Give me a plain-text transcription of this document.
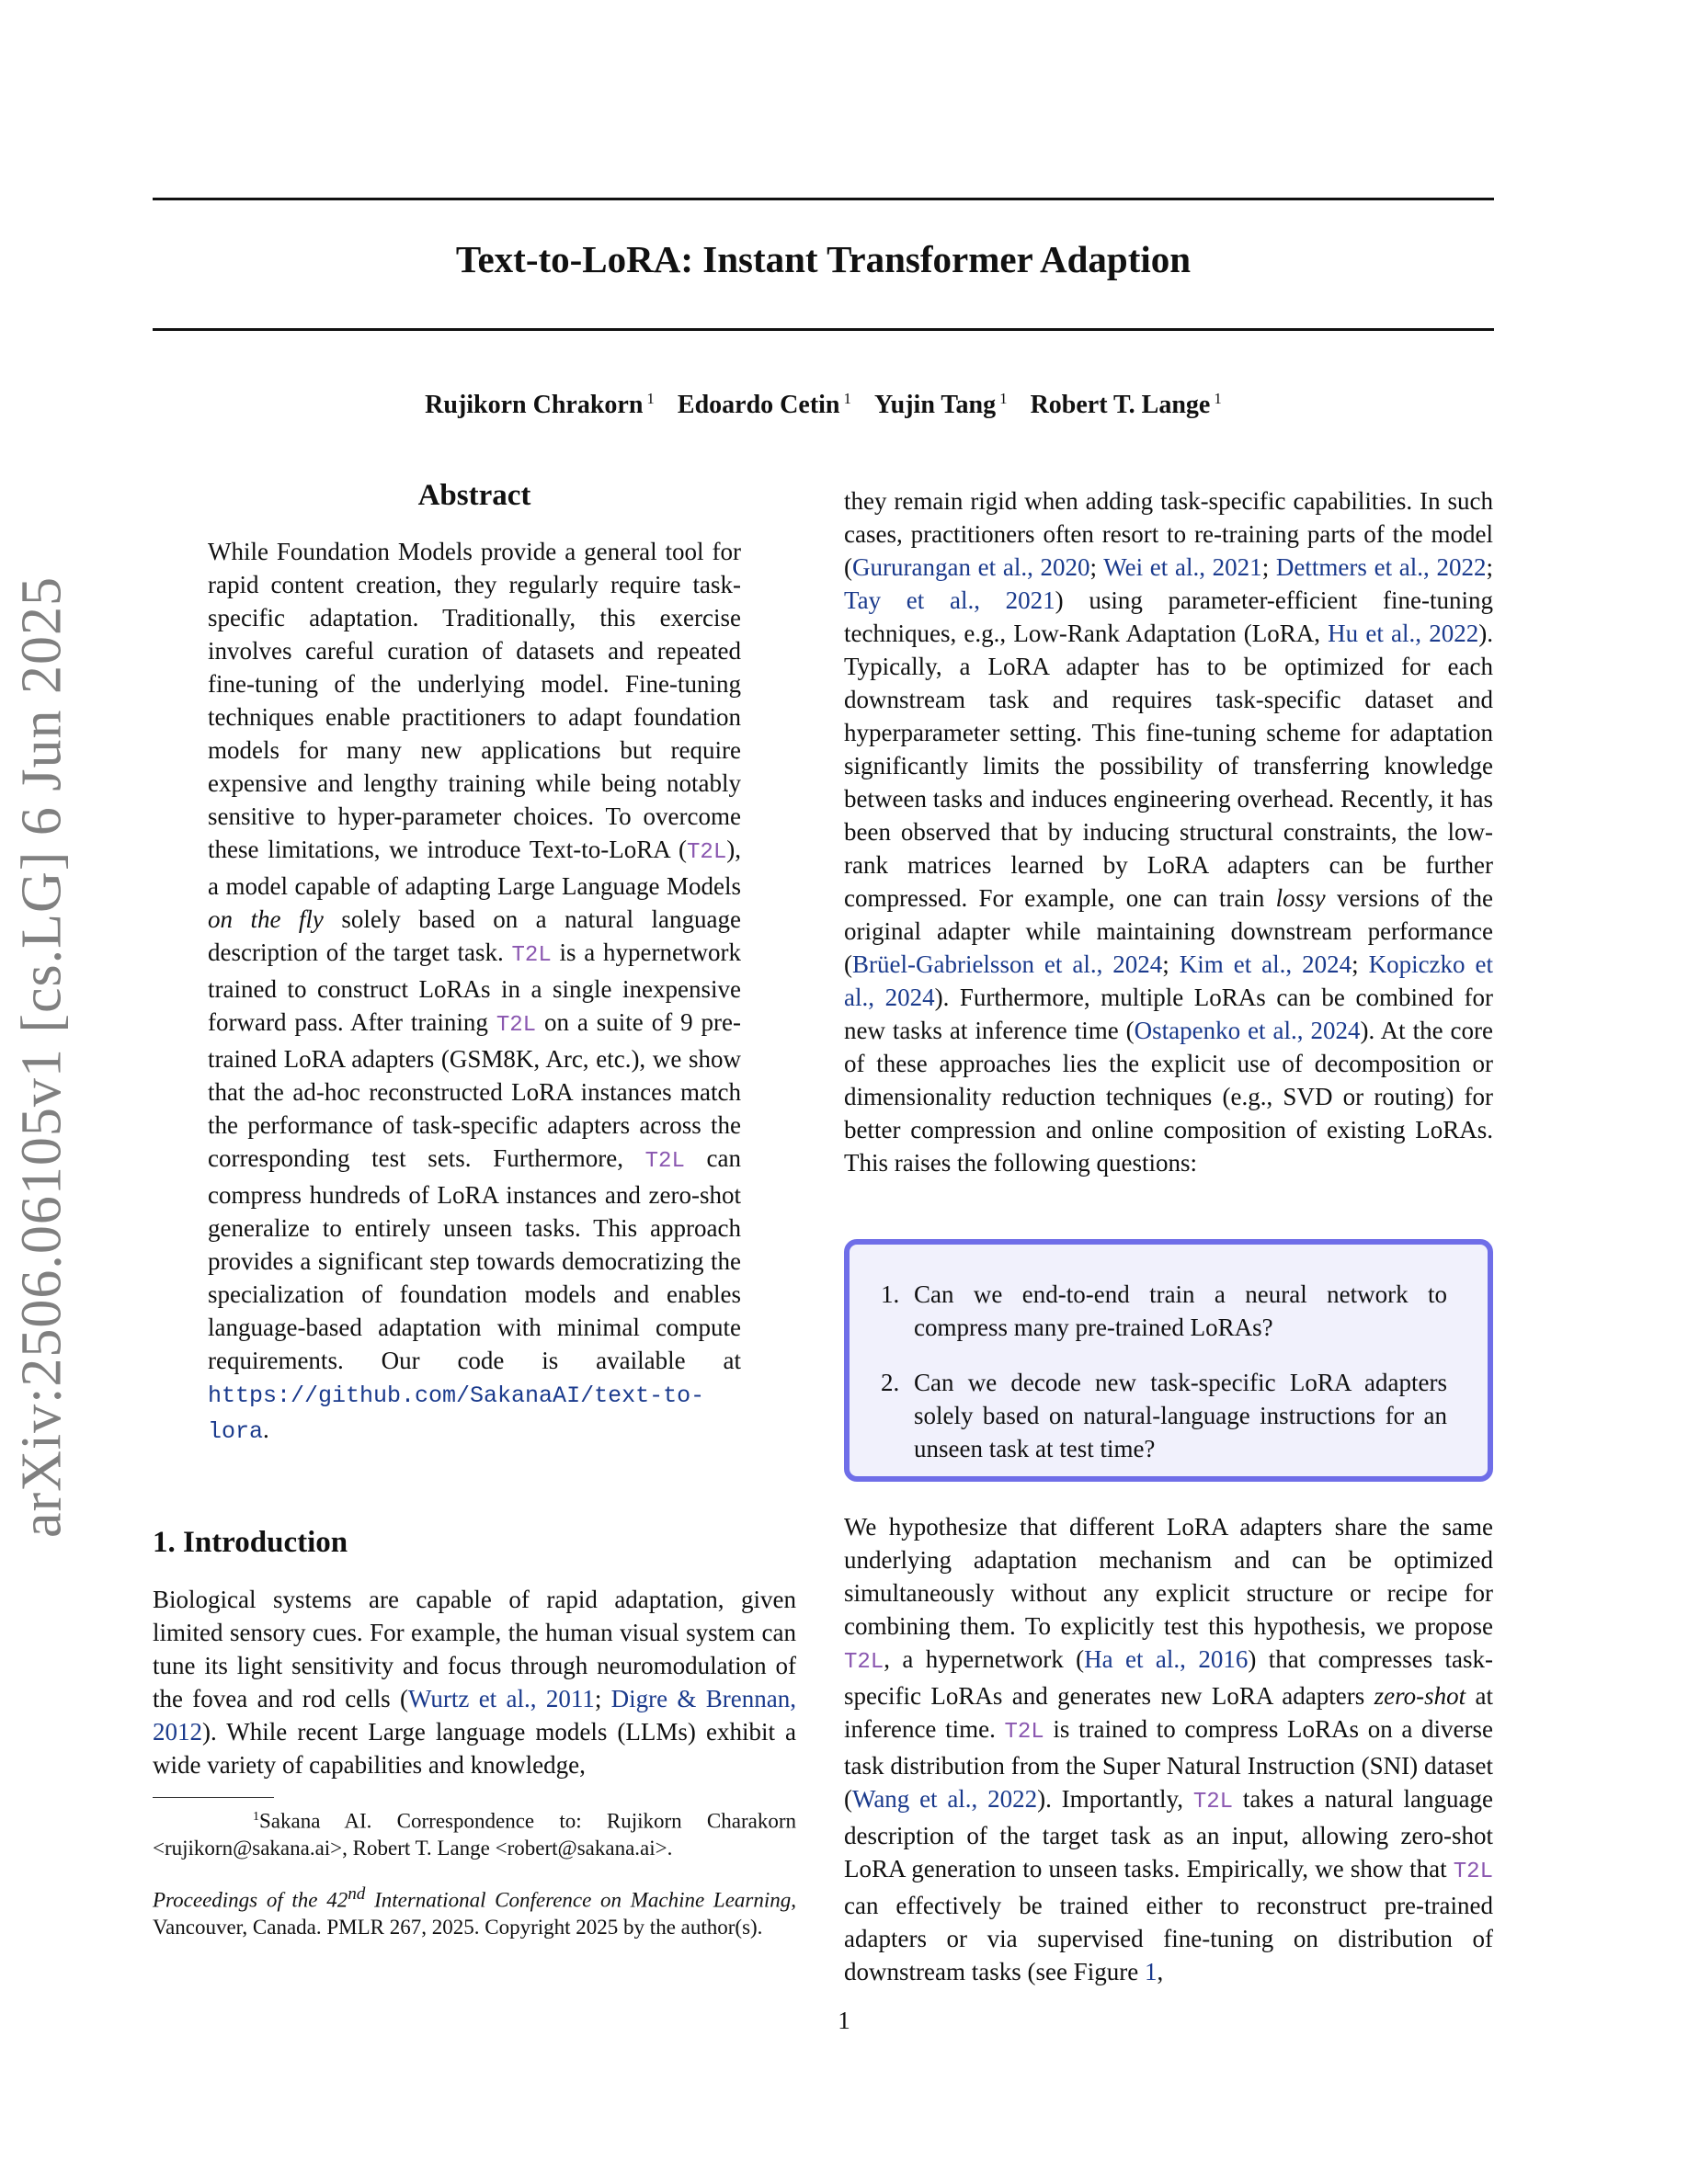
arXiv:2506.06105v1 [cs.LG] 6 Jun 2025
Text-to-LoRA: Instant Transformer Adaption
Rujikorn Chrakorn $^1$ Edoardo Cetin $^1$ Yujin Tang $^1$ Robert T. Lange $^1$
Abstract
While Foundation Models provide a general tool for rapid content creation, they regularly require task-specific adaptation. Traditionally, this exercise involves careful curation of datasets and repeated fine-tuning of the underlying model. Fine-tuning techniques enable practitioners to adapt foundation models for many new applications but require expensive and lengthy training while being notably sensitive to hyper-parameter choices. To overcome these limitations, we introduce Text-to-LoRA (T2L), a model capable of adapting Large Language Models on the fly solely based on a natural language description of the target task. T2L is a hypernetwork trained to construct LoRAs in a single inexpensive forward pass. After training T2L on a suite of 9 pre-trained LoRA adapters (GSM8K, Arc, etc.), we show that the ad-hoc reconstructed LoRA instances match the performance of task-specific adapters across the corresponding test sets. Furthermore, T2L can compress hundreds of LoRA instances and zero-shot generalize to entirely unseen tasks. This approach provides a significant step towards democratizing the specialization of foundation models and enables language-based adaptation with minimal compute requirements. Our code is available at https://github.com/SakanaAI/text-to-lora.
1. Introduction
Biological systems are capable of rapid adaptation, given limited sensory cues. For example, the human visual system can tune its light sensitivity and focus through neuromodulation of the fovea and rod cells (Wurtz et al., 2011; Digre & Brennan, 2012). While recent Large language models (LLMs) exhibit a wide variety of capabilities and knowledge,
they remain rigid when adding task-specific capabilities. In such cases, practitioners often resort to re-training parts of the model (Gururangan et al., 2020; Wei et al., 2021; Dettmers et al., 2022; Tay et al., 2021) using parameter-efficient fine-tuning techniques, e.g., Low-Rank Adaptation (LoRA, Hu et al., 2022). Typically, a LoRA adapter has to be optimized for each downstream task and requires task-specific dataset and hyperparameter setting. This fine-tuning scheme for adaptation significantly limits the possibility of transferring knowledge between tasks and induces engineering overhead. Recently, it has been observed that by inducing structural constraints, the low-rank matrices learned by LoRA adapters can be further compressed. For example, one can train lossy versions of the original adapter while maintaining downstream performance (Brüel-Gabrielsson et al., 2024; Kim et al., 2024; Kopiczko et al., 2024). Furthermore, multiple LoRAs can be combined for new tasks at inference time (Ostapenko et al., 2024). At the core of these approaches lies the explicit use of decomposition or dimensionality reduction techniques (e.g., SVD or routing) for better compression and online composition of existing LoRAs. This raises the following questions:
1. Can we end-to-end train a neural network to compress many pre-trained LoRAs?
2. Can we decode new task-specific LoRA adapters solely based on natural-language instructions for an unseen task at test time?
We hypothesize that different LoRA adapters share the same underlying adaptation mechanism and can be optimized simultaneously without any explicit structure or recipe for combining them. To explicitly test this hypothesis, we propose T2L, a hypernetwork (Ha et al., 2016) that compresses task-specific LoRAs and generates new LoRA adapters zero-shot at inference time. T2L is trained to compress LoRAs on a diverse task distribution from the Super Natural Instruction (SNI) dataset (Wang et al., 2022). Importantly, T2L takes a natural language description of the target task as an input, allowing zero-shot LoRA generation to unseen tasks. Empirically, we show that T2L can effectively be trained either to reconstruct pre-trained adapters or via supervised fine-tuning on distribution of downstream tasks (see Figure 1,
$^1$Sakana AI. Correspondence to: Rujikorn Charakorn <rujikorn@sakana.ai>, Robert T. Lange <robert@sakana.ai>.
Proceedings of the 42nd International Conference on Machine Learning, Vancouver, Canada. PMLR 267, 2025. Copyright 2025 by the author(s).
1
